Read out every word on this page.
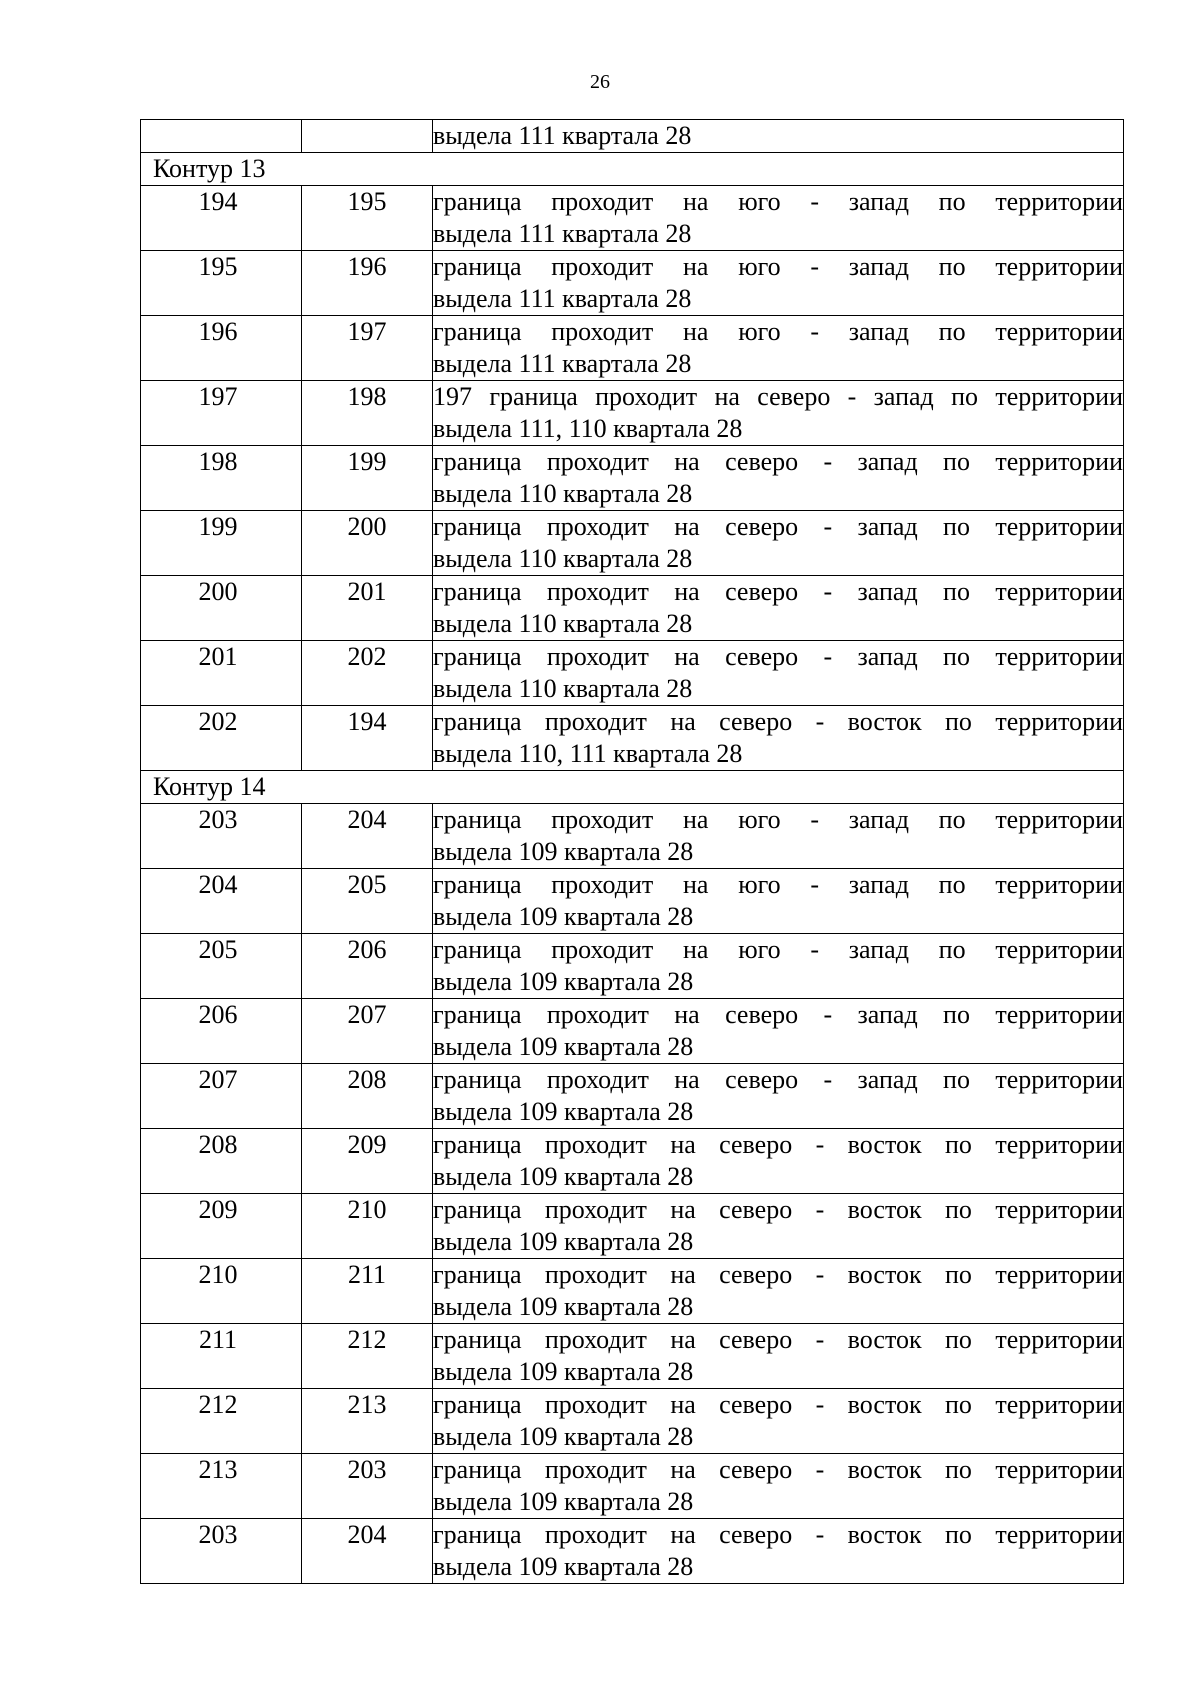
26

		выдела 111 квартала 28

Контур 13		
194	195	граница проходит на юго - запад по территории
выдела 111 квартала 28

195	196	граница проходит на юго - запад по территории
выдела 111 квартала 28

196	197	граница проходит на юго - запад по территории
выдела 111 квартала 28

197	198	197 граница проходит на северо - запад по территории
выдела 111, 110 квартала 28

198	199	граница проходит на северо - запад по территории
выдела 110 квартала 28

199	200	граница проходит на северо - запад по территории
выдела 110 квартала 28

200	201	граница проходит на северо - запад по территории
выдела 110 квартала 28

201	202	граница проходит на северо - запад по территории
выдела 110 квартала 28

202	194	граница проходит на северо - восток по территории
выдела 110, 111 квартала 28

Контур 14		
203	204	граница проходит на юго - запад по территории
выдела 109 квартала 28

204	205	граница проходит на юго - запад по территории
выдела 109 квартала 28

205	206	граница проходит на юго - запад по территории
выдела 109 квартала 28

206	207	граница проходит на северо - запад по территории
выдела 109 квартала 28

207	208	граница проходит на северо - запад по территории
выдела 109 квартала 28

208	209	граница проходит на северо - восток по территории
выдела 109 квартала 28

209	210	граница проходит на северо - восток по территории
выдела 109 квартала 28

210	211	граница проходит на северо - восток по территории
выдела 109 квартала 28

211	212	граница проходит на северо - восток по территории
выдела 109 квартала 28

212	213	граница проходит на северо - восток по территории
выдела 109 квартала 28

213	203	граница проходит на северо - восток по территории
выдела 109 квартала 28

203	204	граница проходит на северо - восток по территории
выдела 109 квартала 28
